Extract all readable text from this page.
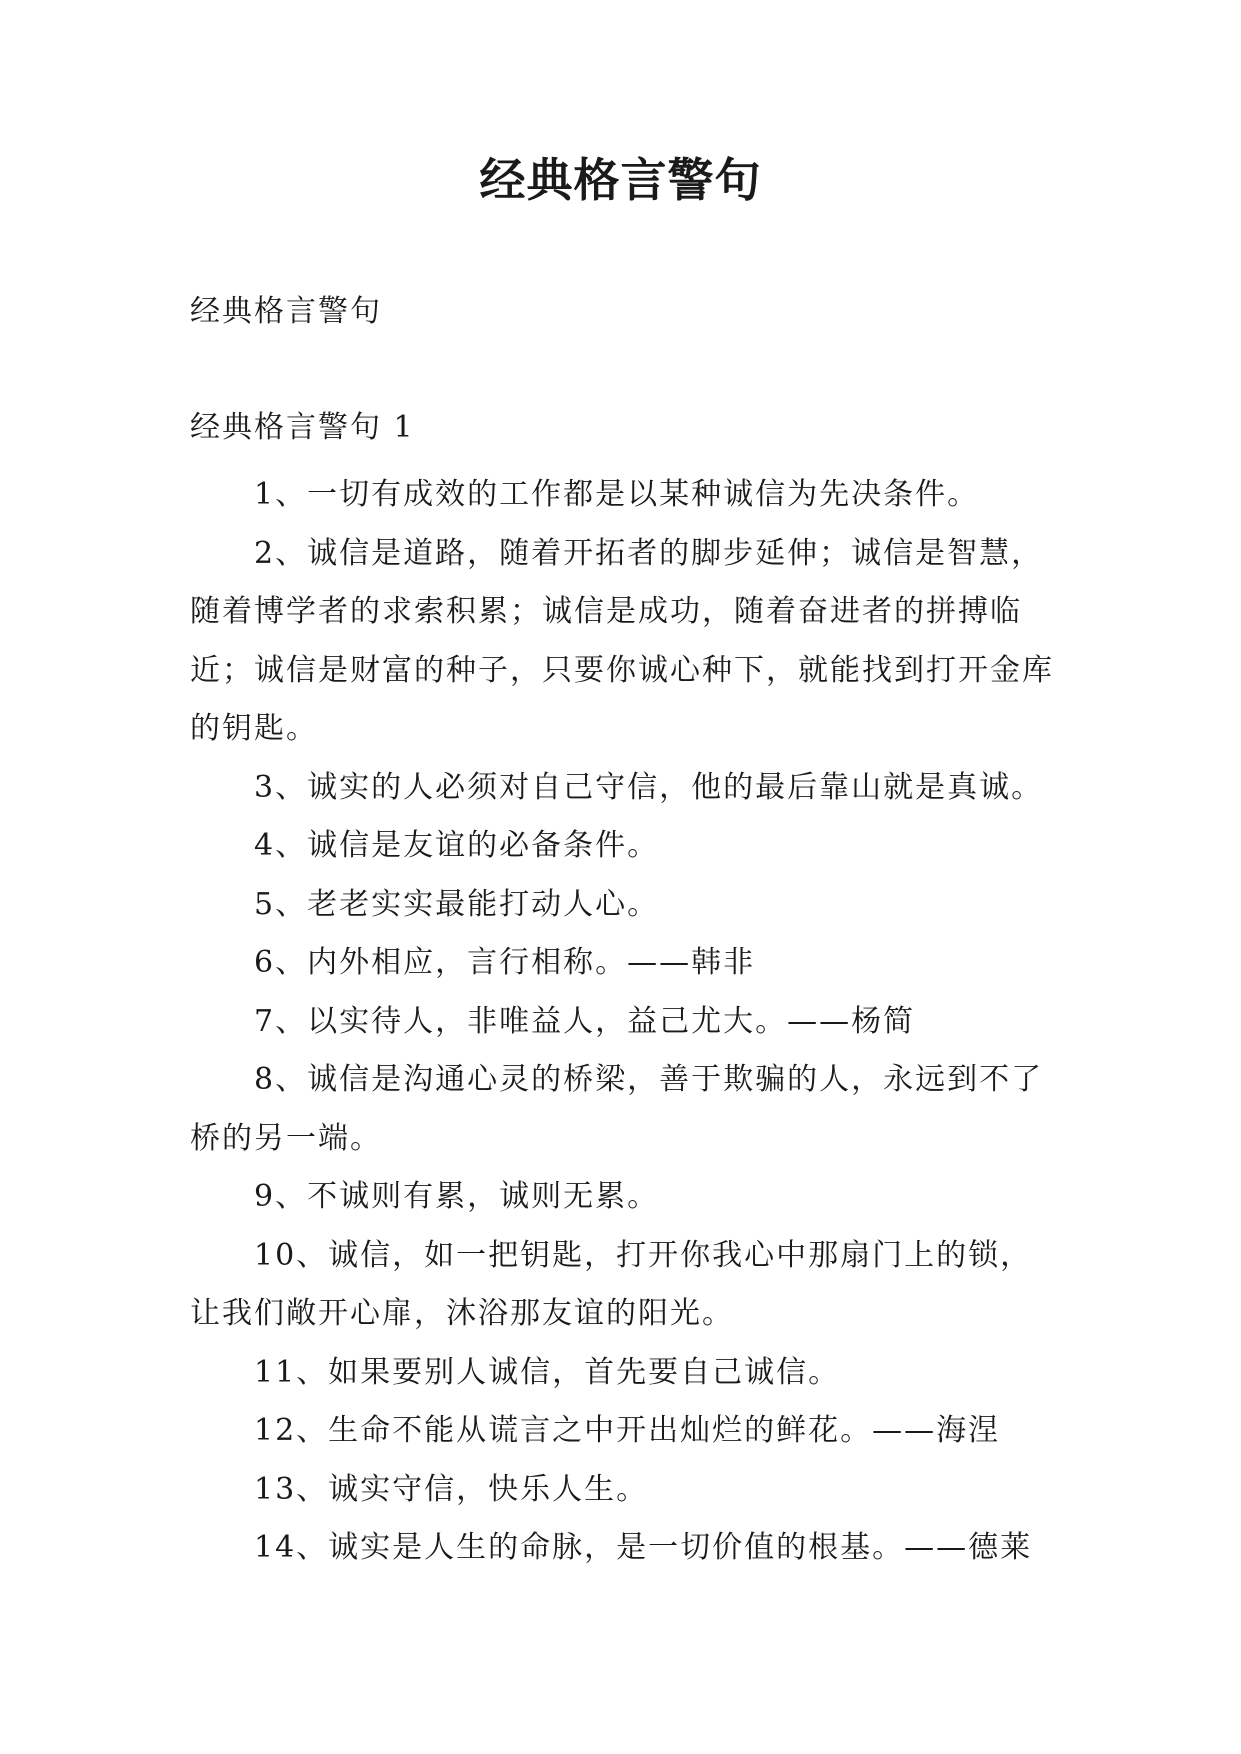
经典格言警句
经典格言警句
经典格言警句 1
1、一切有成效的工作都是以某种诚信为先决条件。
2、诚信是道路，随着开拓者的脚步延伸；诚信是智慧，随着博学者的求索积累；诚信是成功，随着奋进者的拼搏临近；诚信是财富的种子，只要你诚心种下，就能找到打开金库的钥匙。
3、诚实的人必须对自己守信，他的最后靠山就是真诚。
4、诚信是友谊的必备条件。
5、老老实实最能打动人心。
6、内外相应，言行相称。——韩非
7、以实待人，非唯益人，益己尤大。——杨简
8、诚信是沟通心灵的桥梁，善于欺骗的人，永远到不了桥的另一端。
9、不诚则有累，诚则无累。
10、诚信，如一把钥匙，打开你我心中那扇门上的锁，让我们敞开心扉，沐浴那友谊的阳光。
11、如果要别人诚信，首先要自己诚信。
12、生命不能从谎言之中开出灿烂的鲜花。——海涅
13、诚实守信，快乐人生。
14、诚实是人生的命脉，是一切价值的根基。——德莱
